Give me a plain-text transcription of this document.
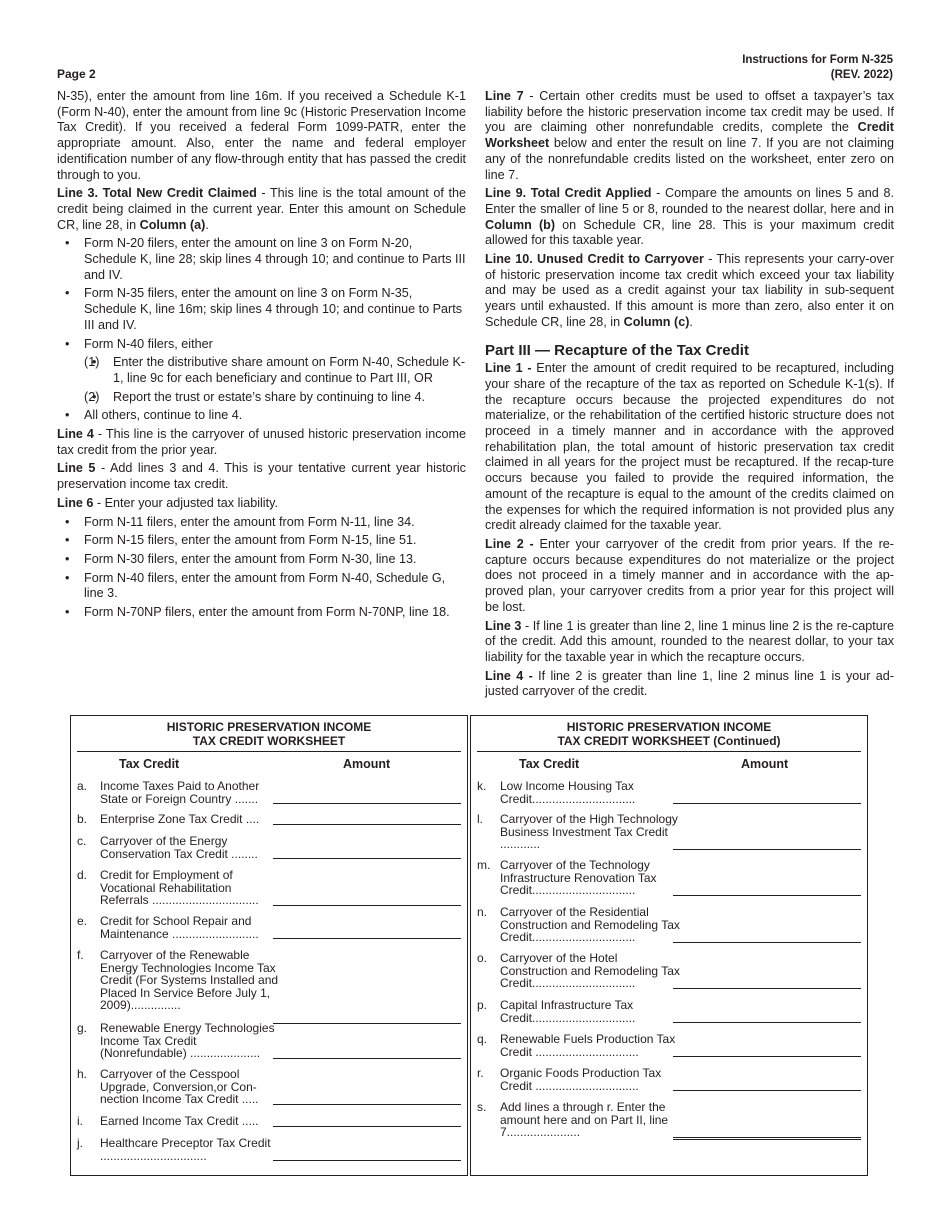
Page 2
Instructions for Form N-325
(REV. 2022)

N-35), enter the amount from line 16m. If you received a Schedule K-1 (Form N-40), enter the amount from line 9c (Historic Preservation Income Tax Credit). If you received a federal Form 1099-PATR, enter the appropriate amount. Also, enter the name and federal employer identification number of any flow-through entity that has passed the credit through to you.

Line 3. Total New Credit Claimed - This line is the total amount of the credit being claimed in the current year. Enter this amount on Schedule CR, line 28, in Column (a).

• Form N-20 filers, enter the amount on line 3 on Form N-20, Schedule K, line 28; skip lines 4 through 10; and continue to Parts III and IV.
• Form N-35 filers, enter the amount on line 3 on Form N-35, Schedule K, line 16m; skip lines 4 through 10; and continue to Parts III and IV.
• Form N-40 filers, either
• (1) Enter the distributive share amount on Form N-40, Schedule K-1, line 9c for each beneficiary and continue to Part III, OR
• (2) Report the trust or estate’s share by continuing to line 4.
• All others, continue to line 4.

Line 4 - This line is the carryover of unused historic preservation income tax credit from the prior year.

Line 5 - Add lines 3 and 4. This is your tentative current year historic preservation income tax credit.

Line 6 - Enter your adjusted tax liability.

• Form N-11 filers, enter the amount from Form N-11, line 34.
• Form N-15 filers, enter the amount from Form N-15, line 51.
• Form N-30 filers, enter the amount from Form N-30, line 13.
• Form N-40 filers, enter the amount from Form N-40, Schedule G, line 3.
• Form N-70NP filers, enter the amount from Form N-70NP, line 18.

Line 7 - Certain other credits must be used to offset a taxpayer’s tax liability before the historic preservation income tax credit may be used. If you are claiming other nonrefundable credits, complete the Credit Worksheet below and enter the result on line 7. If you are not claiming any of the nonrefundable credits listed on the worksheet, enter zero on line 7.

Line 9. Total Credit Applied - Compare the amounts on lines 5 and 8. Enter the smaller of line 5 or 8, rounded to the nearest dollar, here and in Column (b) on Schedule CR, line 28. This is your maximum credit allowed for this taxable year.

Line 10. Unused Credit to Carryover - This represents your carry-over of historic preservation income tax credit which exceed your tax liability and may be used as a credit against your tax liability in sub-sequent years until exhausted. If this amount is more than zero, also enter it on Schedule CR, line 28, in Column (c).

Part III — Recapture of the Tax Credit

Line 1 - Enter the amount of credit required to be recaptured, including your share of the recapture of the tax as reported on Schedule K-1(s). If the recapture occurs because the projected expenditures do not materialize, or the rehabilitation of the certified historic structure does not proceed in a timely manner and in accordance with the approved rehabilitation plan, the total amount of historic preservation tax credit claimed in all years for the project must be recaptured. If the recap-ture occurs because you failed to provide the required information, the amount of the recapture is equal to the amount of the credits claimed on the expenses for which the required information is not provided plus any credit already claimed for the taxable year.

Line 2 - Enter your carryover of the credit from prior years. If the re-capture occurs because expenditures do not materialize or the project does not proceed in a timely manner and in accordance with the ap-proved plan, your carryover credits from a prior year for this project will be lost.

Line 3 - If line 1 is greater than line 2, line 1 minus line 2 is the re-capture of the credit. Add this amount, rounded to the nearest dollar, to your tax liability for the taxable year in which the recapture occurs.

Line 4 - If line 2 is greater than line 1, line 2 minus line 1 is your ad-justed carryover of the credit.

HISTORIC PRESERVATION INCOME
TAX CREDIT WORKSHEET
Tax Credit	Amount
a. Income Taxes Paid to Another State or Foreign Country .......
b. Enterprise Zone Tax Credit ....
c. Carryover of the Energy Conservation Tax Credit ........
d. Credit for Employment of Vocational Rehabilitation Referrals ................................
e. Credit for School Repair and Maintenance ..........................
f. Carryover of the Renewable Energy Technologies Income Tax Credit (For Systems Installed and Placed In Service Before July 1, 2009)...............
g. Renewable Energy Technologies Income Tax Credit (Nonrefundable) .....................
h. Carryover of the Cesspool Upgrade, Conversion,or Con-nection Income Tax Credit .....
i. Earned Income Tax Credit .....
j. Healthcare Preceptor Tax Credit ................................
HISTORIC PRESERVATION INCOME
TAX CREDIT WORKSHEET (Continued)
Tax Credit	Amount
k. Low Income Housing Tax Credit...............................
l. Carryover of the High Technology Business Investment Tax Credit ............
m. Carryover of the Technology Infrastructure Renovation Tax Credit...............................
n. Carryover of the Residential Construction and Remodeling Tax Credit...............................
o. Carryover of the Hotel Construction and Remodeling Tax Credit...............................
p. Capital Infrastructure Tax Credit...............................
q. Renewable Fuels Production Tax Credit ...............................
r. Organic Foods Production Tax Credit ...............................
s. Add lines a through r. Enter the amount here and on Part II, line 7......................
